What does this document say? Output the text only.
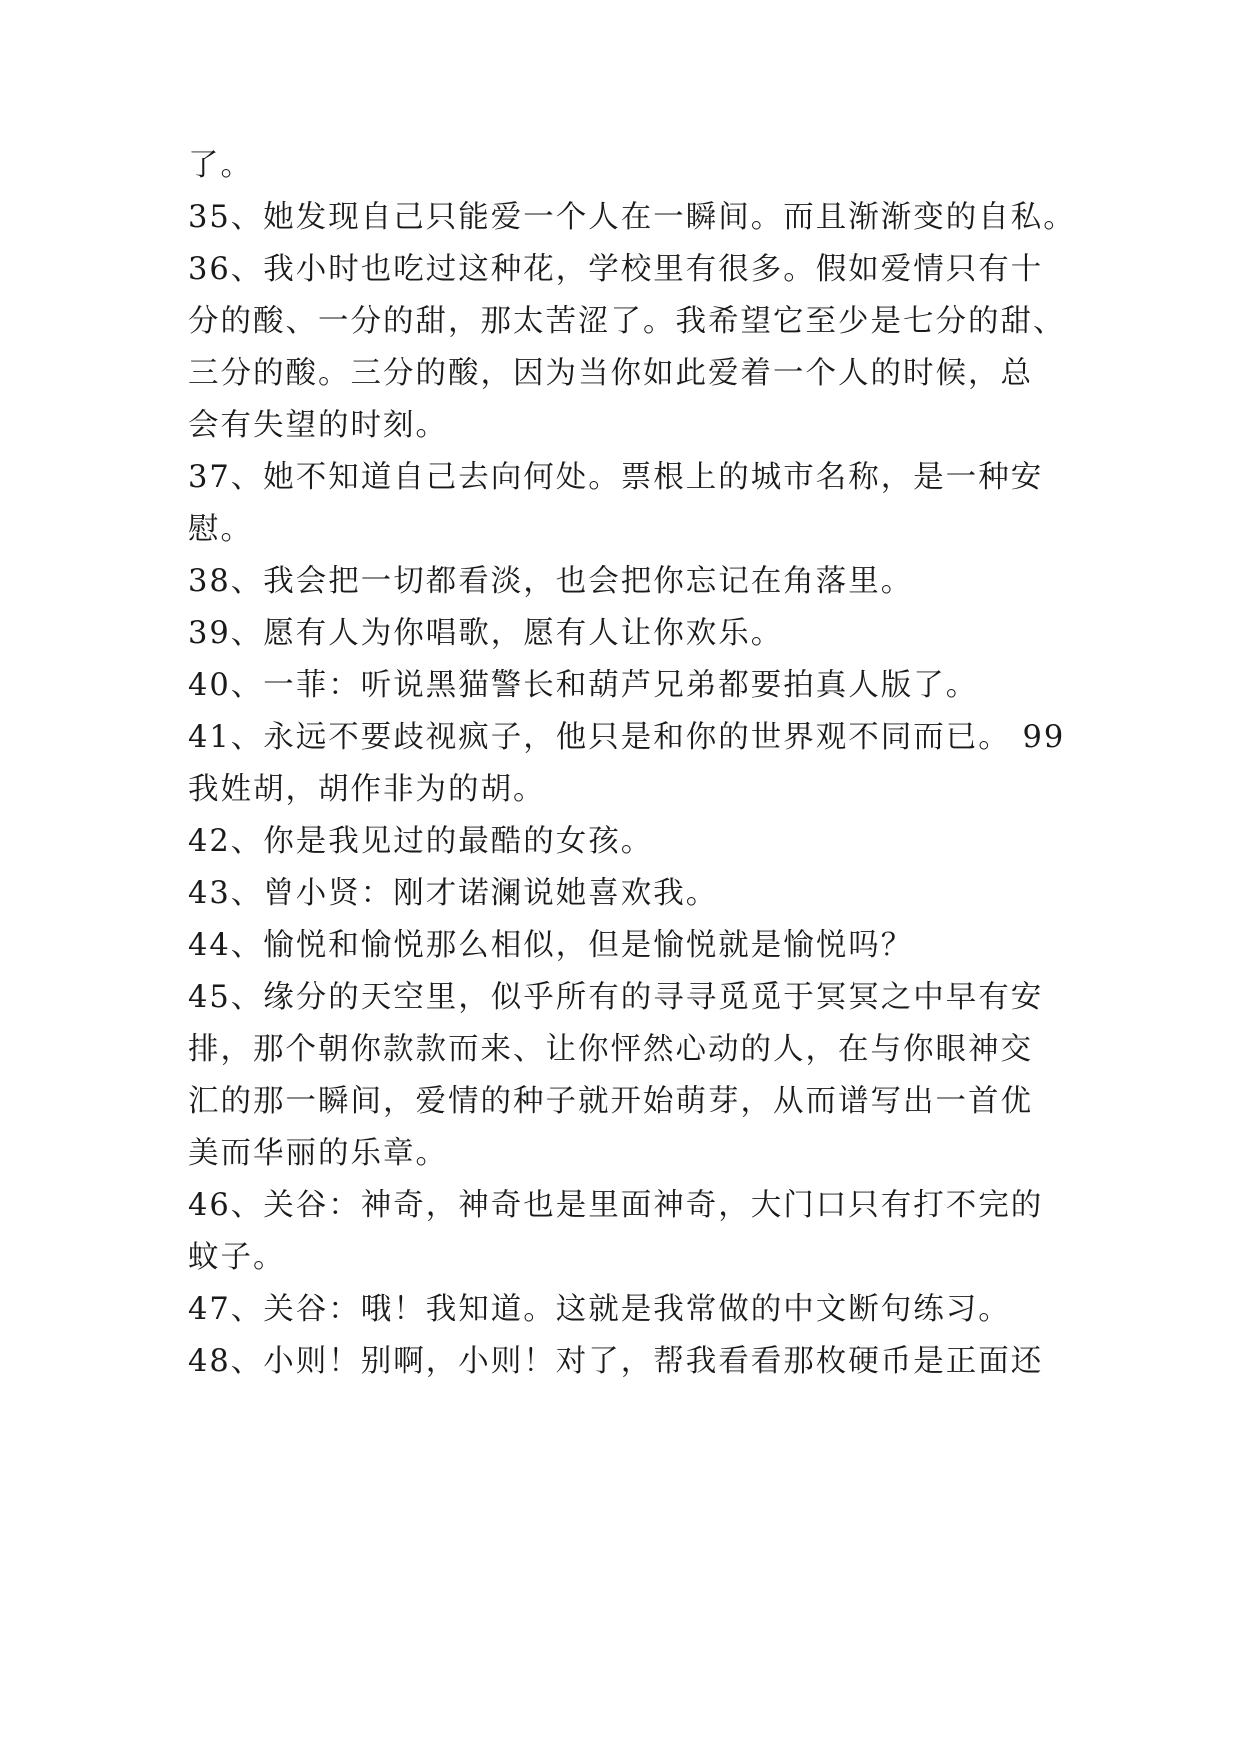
了。
35、她发现自己只能爱一个人在一瞬间。而且渐渐变的自私。
36、我小时也吃过这种花，学校里有很多。假如爱情只有十
分的酸、一分的甜，那太苦涩了。我希望它至少是七分的甜、
三分的酸。三分的酸，因为当你如此爱着一个人的时候，总
会有失望的时刻。
37、她不知道自己去向何处。票根上的城市名称，是一种安
慰。
38、我会把一切都看淡，也会把你忘记在角落里。
39、愿有人为你唱歌，愿有人让你欢乐。
40、一菲：听说黑猫警长和葫芦兄弟都要拍真人版了。
41、永远不要歧视疯子，他只是和你的世界观不同而已。 99
我姓胡，胡作非为的胡。
42、你是我见过的最酷的女孩。
43、曾小贤：刚才诺澜说她喜欢我。
44、愉悦和愉悦那么相似，但是愉悦就是愉悦吗？
45、缘分的天空里，似乎所有的寻寻觅觅于冥冥之中早有安
排，那个朝你款款而来、让你怦然心动的人，在与你眼神交
汇的那一瞬间，爱情的种子就开始萌芽，从而谱写出一首优
美而华丽的乐章。
46、关谷：神奇，神奇也是里面神奇，大门口只有打不完的
蚊子。
47、关谷：哦！我知道。这就是我常做的中文断句练习。
48、小则！别啊，小则！对了，帮我看看那枚硬币是正面还
